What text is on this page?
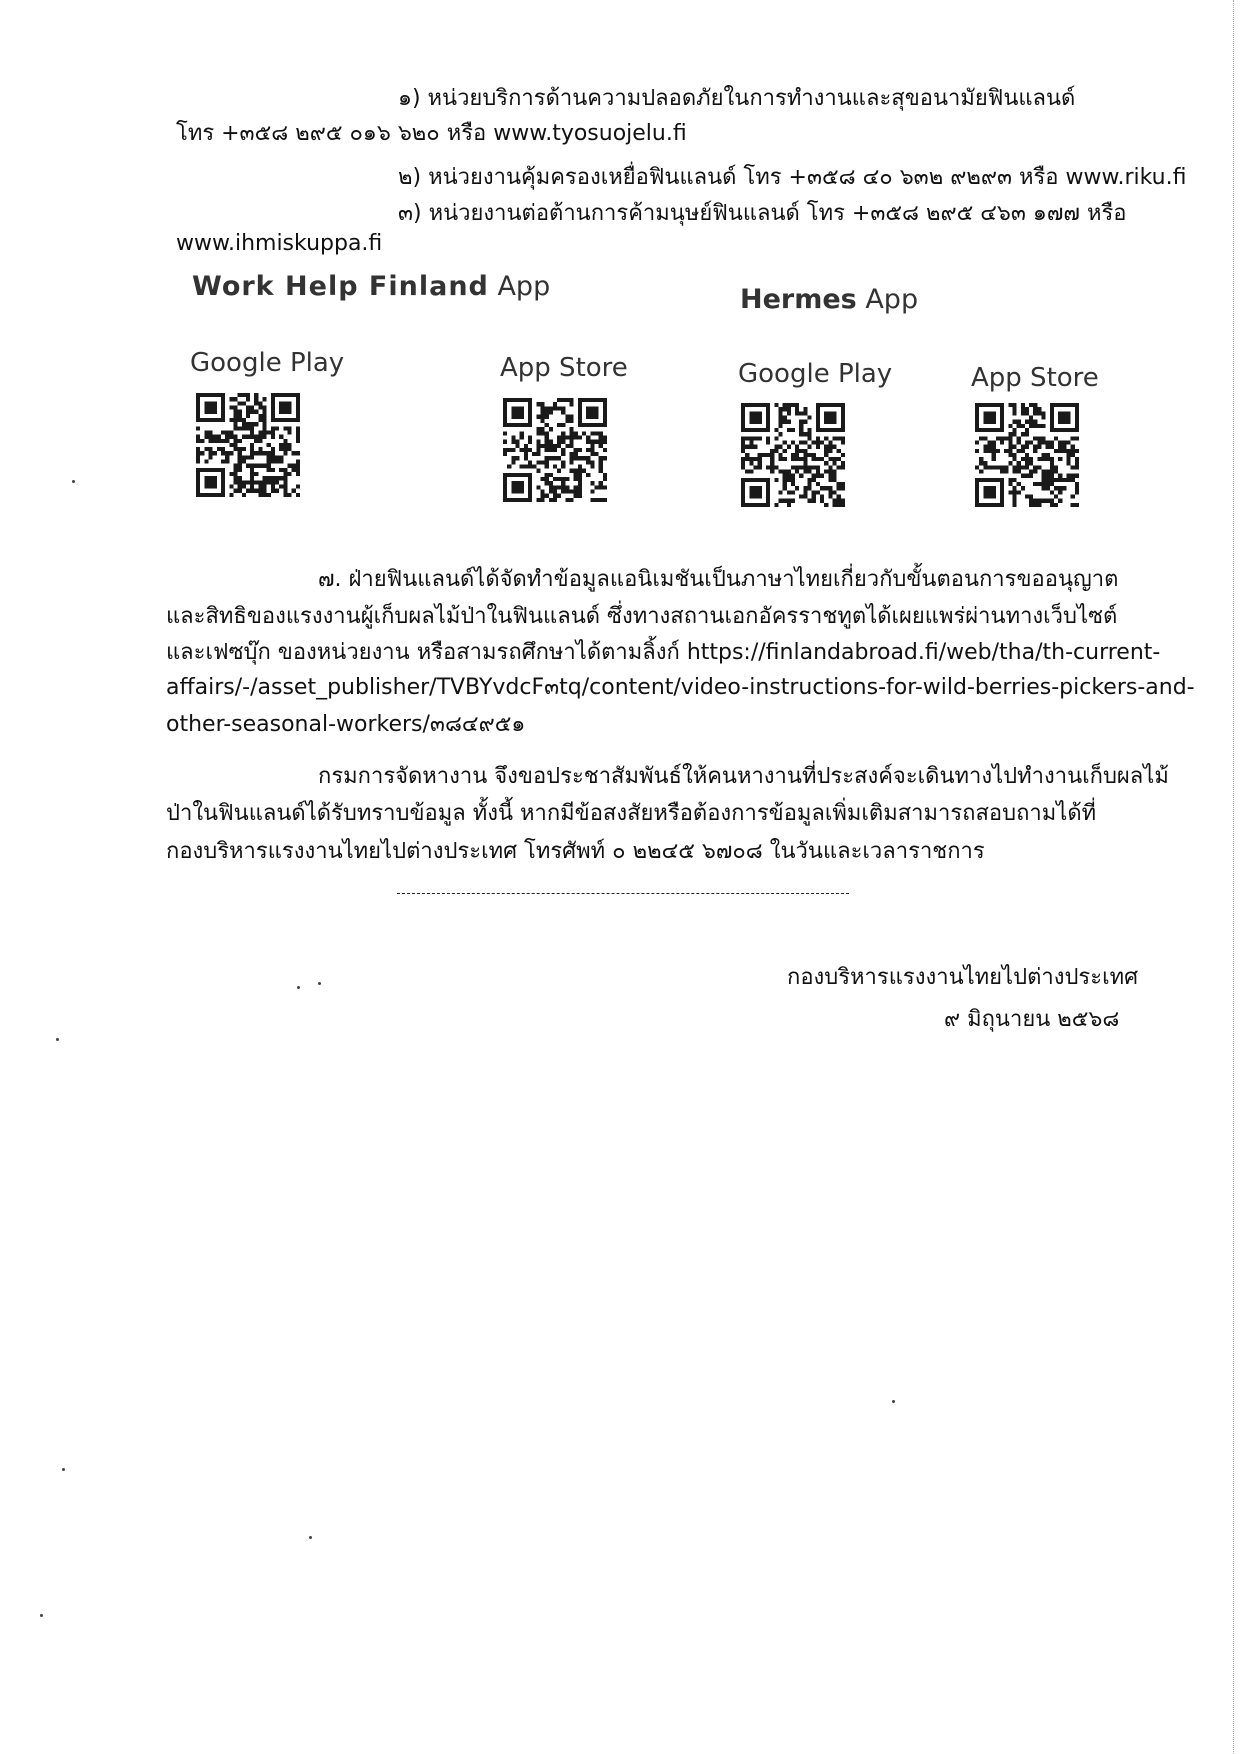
๑) หน่วยบริการด้านความปลอดภัยในการทำงานและสุขอนามัยฟินแลนด์
โทร +๓๕๘ ๒๙๕ ๐๑๖ ๖๒๐ หรือ www.tyosuojelu.fi
๒) หน่วยงานคุ้มครองเหยื่อฟินแลนด์ โทร +๓๕๘ ๔๐ ๖๓๒ ๙๒๙๓ หรือ www.riku.fi
๓) หน่วยงานต่อต้านการค้ามนุษย์ฟินแลนด์ โทร +๓๕๘ ๒๙๕ ๔๖๓ ๑๗๗ หรือ
www.ihmiskuppa.fi
Work Help Finland App	Hermes App
Google Play	App Store	Google Play	App Store
๗. ฝ่ายฟินแลนด์ได้จัดทำข้อมูลแอนิเมชันเป็นภาษาไทยเกี่ยวกับขั้นตอนการขออนุญาต
และสิทธิของแรงงานผู้เก็บผลไม้ป่าในฟินแลนด์ ซึ่งทางสถานเอกอัครราชทูตได้เผยแพร่ผ่านทางเว็บไซต์
และเฟซบุ๊ก ของหน่วยงาน หรือสามรถศึกษาได้ตามลิ้งก์ https://finlandabroad.fi/web/tha/th-current-
affairs/-/asset_publisher/TVBYvdcF๓tq/content/video-instructions-for-wild-berries-pickers-and-
other-seasonal-workers/๓๘๔๙๕๑
กรมการจัดหางาน จึงขอประชาสัมพันธ์ให้คนหางานที่ประสงค์จะเดินทางไปทำงานเก็บผลไม้
ป่าในฟินแลนด์ได้รับทราบข้อมูล ทั้งนี้ หากมีข้อสงสัยหรือต้องการข้อมูลเพิ่มเติมสามารถสอบถามได้ที่
กองบริหารแรงงานไทยไปต่างประเทศ โทรศัพท์ ๐ ๒๒๔๕ ๖๗๐๘ ในวันและเวลาราชการ
กองบริหารแรงงานไทยไปต่างประเทศ
๙ มิถุนายน ๒๕๖๘
